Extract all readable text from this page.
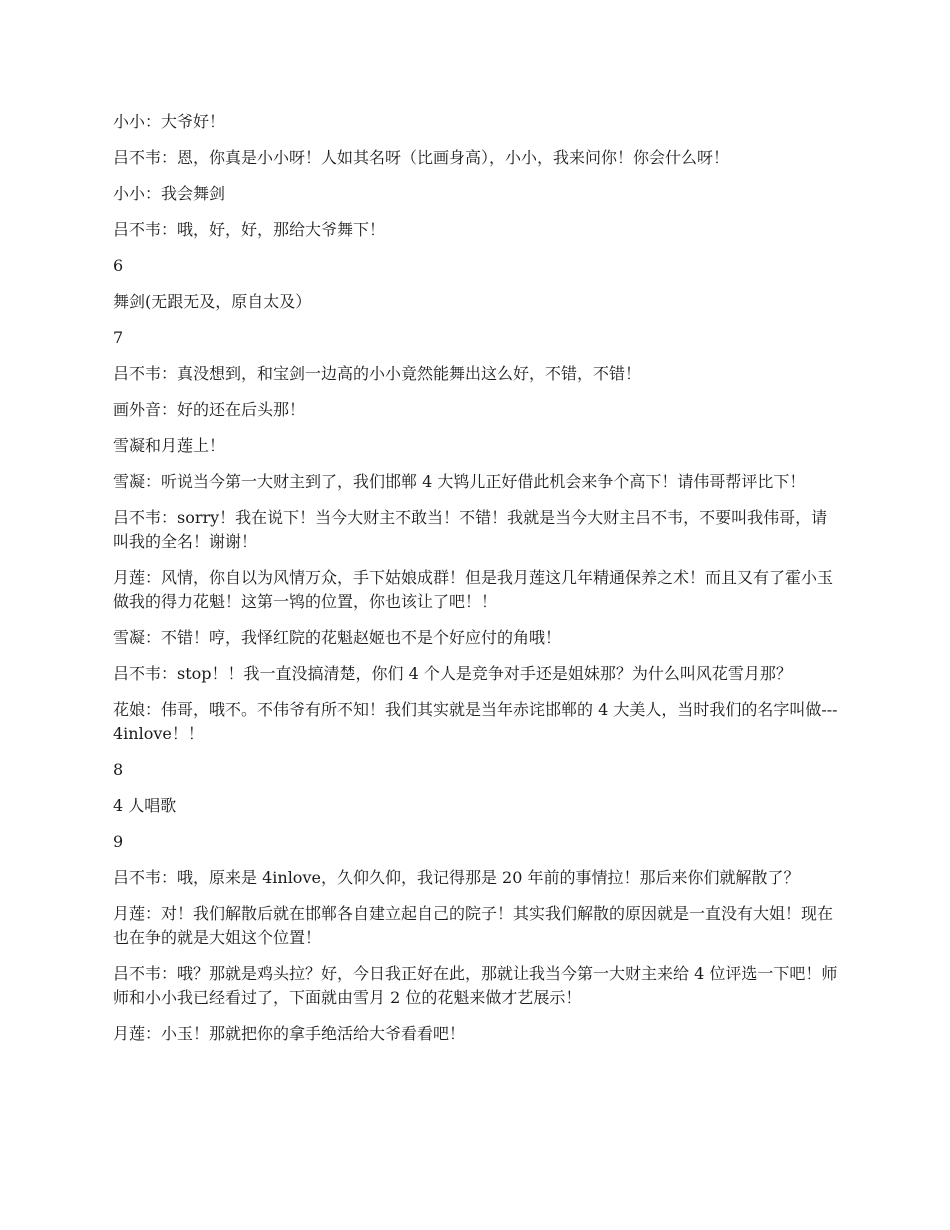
小小：大爷好！

吕不韦：恩，你真是小小呀！人如其名呀（比画身高），小小，我来问你！你会什么呀！

小小：我会舞剑

吕不韦：哦，好，好，那给大爷舞下！

6

舞剑(无跟无及，原自太及）

7

吕不韦：真没想到，和宝剑一边高的小小竟然能舞出这么好，不错，不错！

画外音：好的还在后头那！

雪凝和月莲上！

雪凝：听说当今第一大财主到了，我们邯郸 4 大鸨儿正好借此机会来争个高下！请伟哥帮评比下！

吕不韦：sorry！我在说下！当今大财主不敢当！不错！我就是当今大财主吕不韦，不要叫我伟哥，请叫我的全名！谢谢！

月莲：风情，你自以为风情万众，手下姑娘成群！但是我月莲这几年精通保养之术！而且又有了霍小玉做我的得力花魁！这第一鸨的位置，你也该让了吧！！

雪凝：不错！哼，我怿红院的花魁赵姬也不是个好应付的角哦！

吕不韦：stop！！我一直没搞清楚，你们 4 个人是竞争对手还是姐妹那？为什么叫风花雪月那？

花娘：伟哥，哦不。不伟爷有所不知！我们其实就是当年赤诧邯郸的 4 大美人，当时我们的名字叫做---4inlove！！

8

4 人唱歌

9

吕不韦：哦，原来是 4inlove，久仰久仰，我记得那是 20 年前的事情拉！那后来你们就解散了？

月莲：对！我们解散后就在邯郸各自建立起自己的院子！其实我们解散的原因就是一直没有大姐！现在也在争的就是大姐这个位置！

吕不韦：哦？那就是鸡头拉？好，今日我正好在此，那就让我当今第一大财主来给 4 位评选一下吧！师师和小小我已经看过了，下面就由雪月 2 位的花魁来做才艺展示！

月莲：小玉！那就把你的拿手绝活给大爷看看吧！
